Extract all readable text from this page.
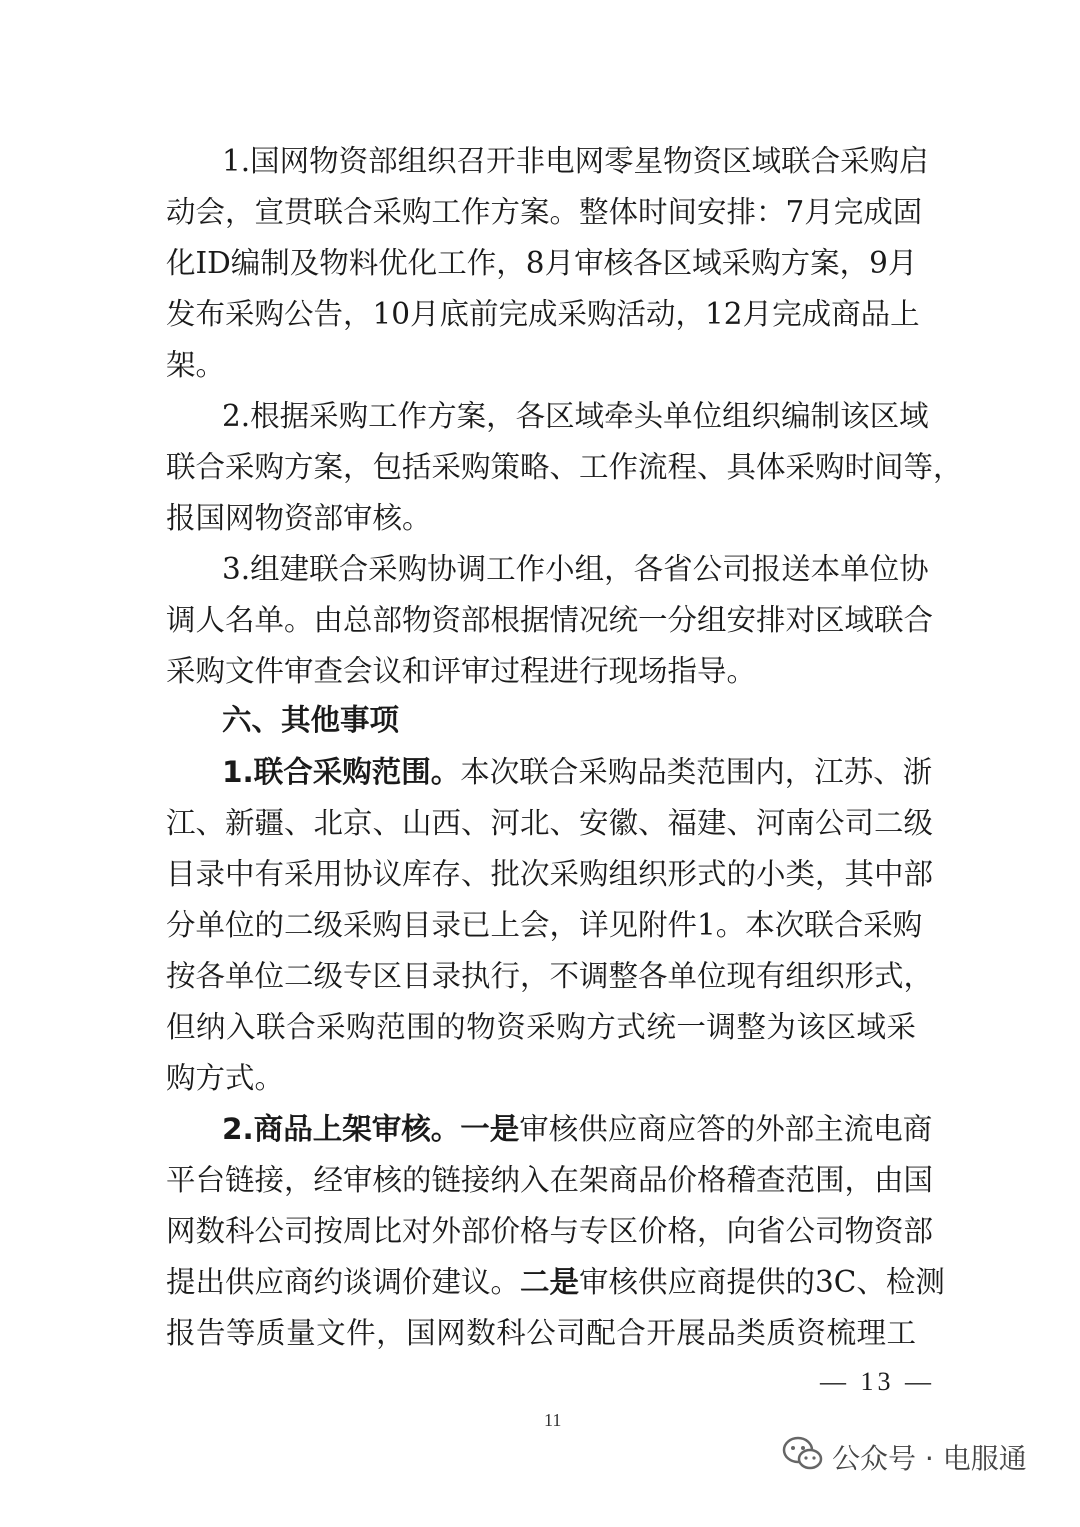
1.国网物资部组织召开非电网零星物资区域联合采购启
动会，宣贯联合采购工作方案。整体时间安排：7月完成固
化ID编制及物料优化工作，8月审核各区域采购方案，9月
发布采购公告，10月底前完成采购活动，12月完成商品上
架。
2.根据采购工作方案，各区域牵头单位组织编制该区域
联合采购方案，包括采购策略、工作流程、具体采购时间等，
报国网物资部审核。
3.组建联合采购协调工作小组，各省公司报送本单位协
调人名单。由总部物资部根据情况统一分组安排对区域联合
采购文件审查会议和评审过程进行现场指导。
六、其他事项
1.联合采购范围。本次联合采购品类范围内，江苏、浙
江、新疆、北京、山西、河北、安徽、福建、河南公司二级
目录中有采用协议库存、批次采购组织形式的小类，其中部
分单位的二级采购目录已上会，详见附件1。本次联合采购
按各单位二级专区目录执行，不调整各单位现有组织形式，
但纳入联合采购范围的物资采购方式统一调整为该区域采
购方式。
2.商品上架审核。一是审核供应商应答的外部主流电商
平台链接，经审核的链接纳入在架商品价格稽查范围，由国
网数科公司按周比对外部价格与专区价格，向省公司物资部
提出供应商约谈调价建议。二是审核供应商提供的3C、检测
报告等质量文件，国网数科公司配合开展品类质资梳理工
— 13 —
11
公众号 · 电服通
